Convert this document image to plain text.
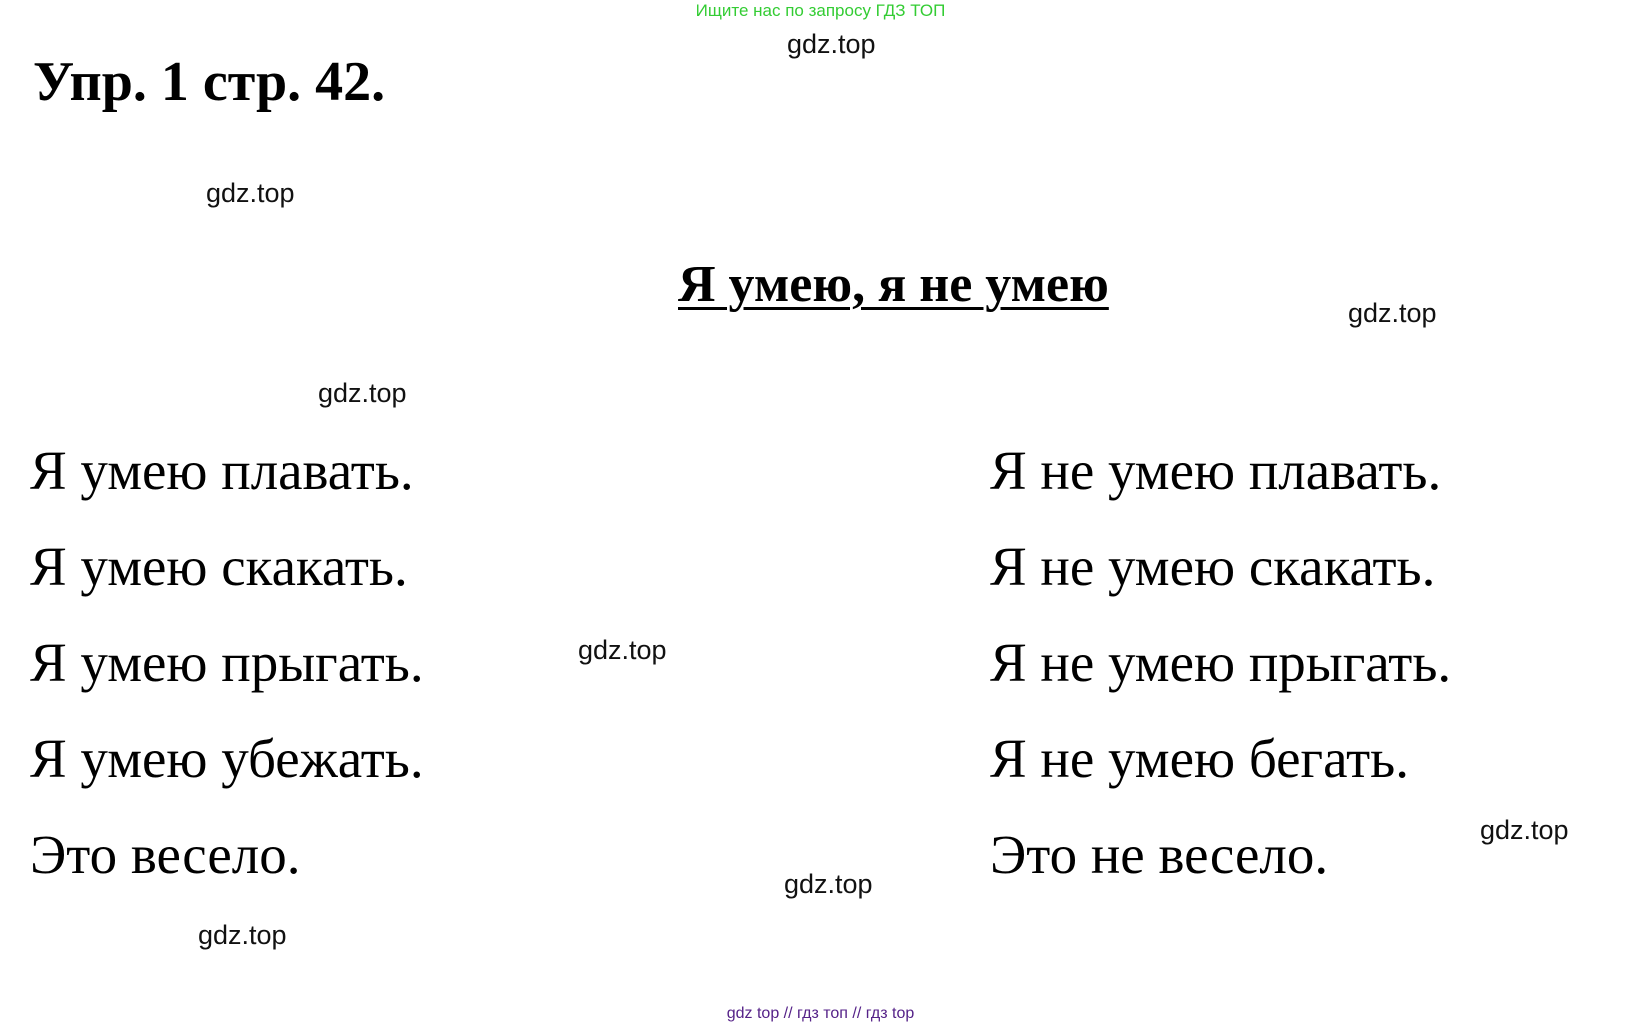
Ищите нас по запросу ГДЗ ТОП
Упр. 1 стр. 42.
Я умею, я не умею
Я умею плавать.
Я умею скакать.
Я умею прыгать.
Я умею убежать.
Это весело.
Я не умею плавать.
Я не умею скакать.
Я не умею прыгать.
Я не умею бегать.
Это не весело.
gdz.top
gdz.top
gdz.top
gdz.top
gdz.top
gdz.top
gdz.top
gdz.top
gdz top // гдз топ // гдз top
